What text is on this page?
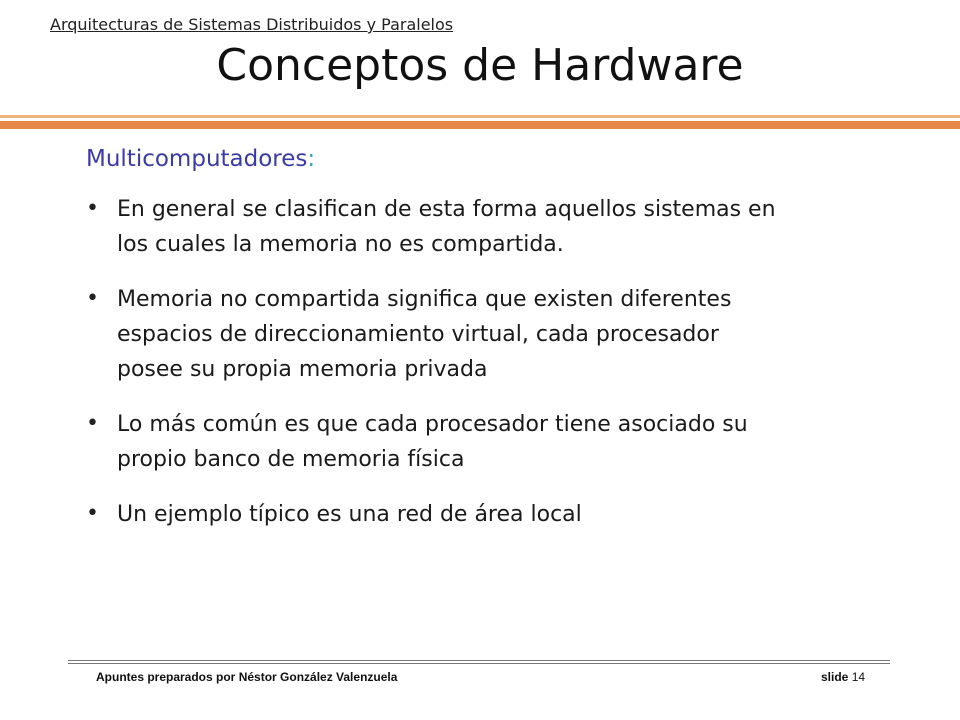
Arquitecturas de Sistemas Distribuidos y Paralelos
Conceptos de Hardware
Multicomputadores:
• En general se clasifican de esta forma aquellos sistemas en
los cuales la memoria no es compartida.
• Memoria no compartida significa que existen diferentes
espacios de direccionamiento virtual, cada procesador
posee su propia memoria privada
• Lo más común es que cada procesador tiene asociado su
propio banco de memoria física
• Un ejemplo típico es una red de área local
Apuntes preparados por Néstor González Valenzuela	slide 14
